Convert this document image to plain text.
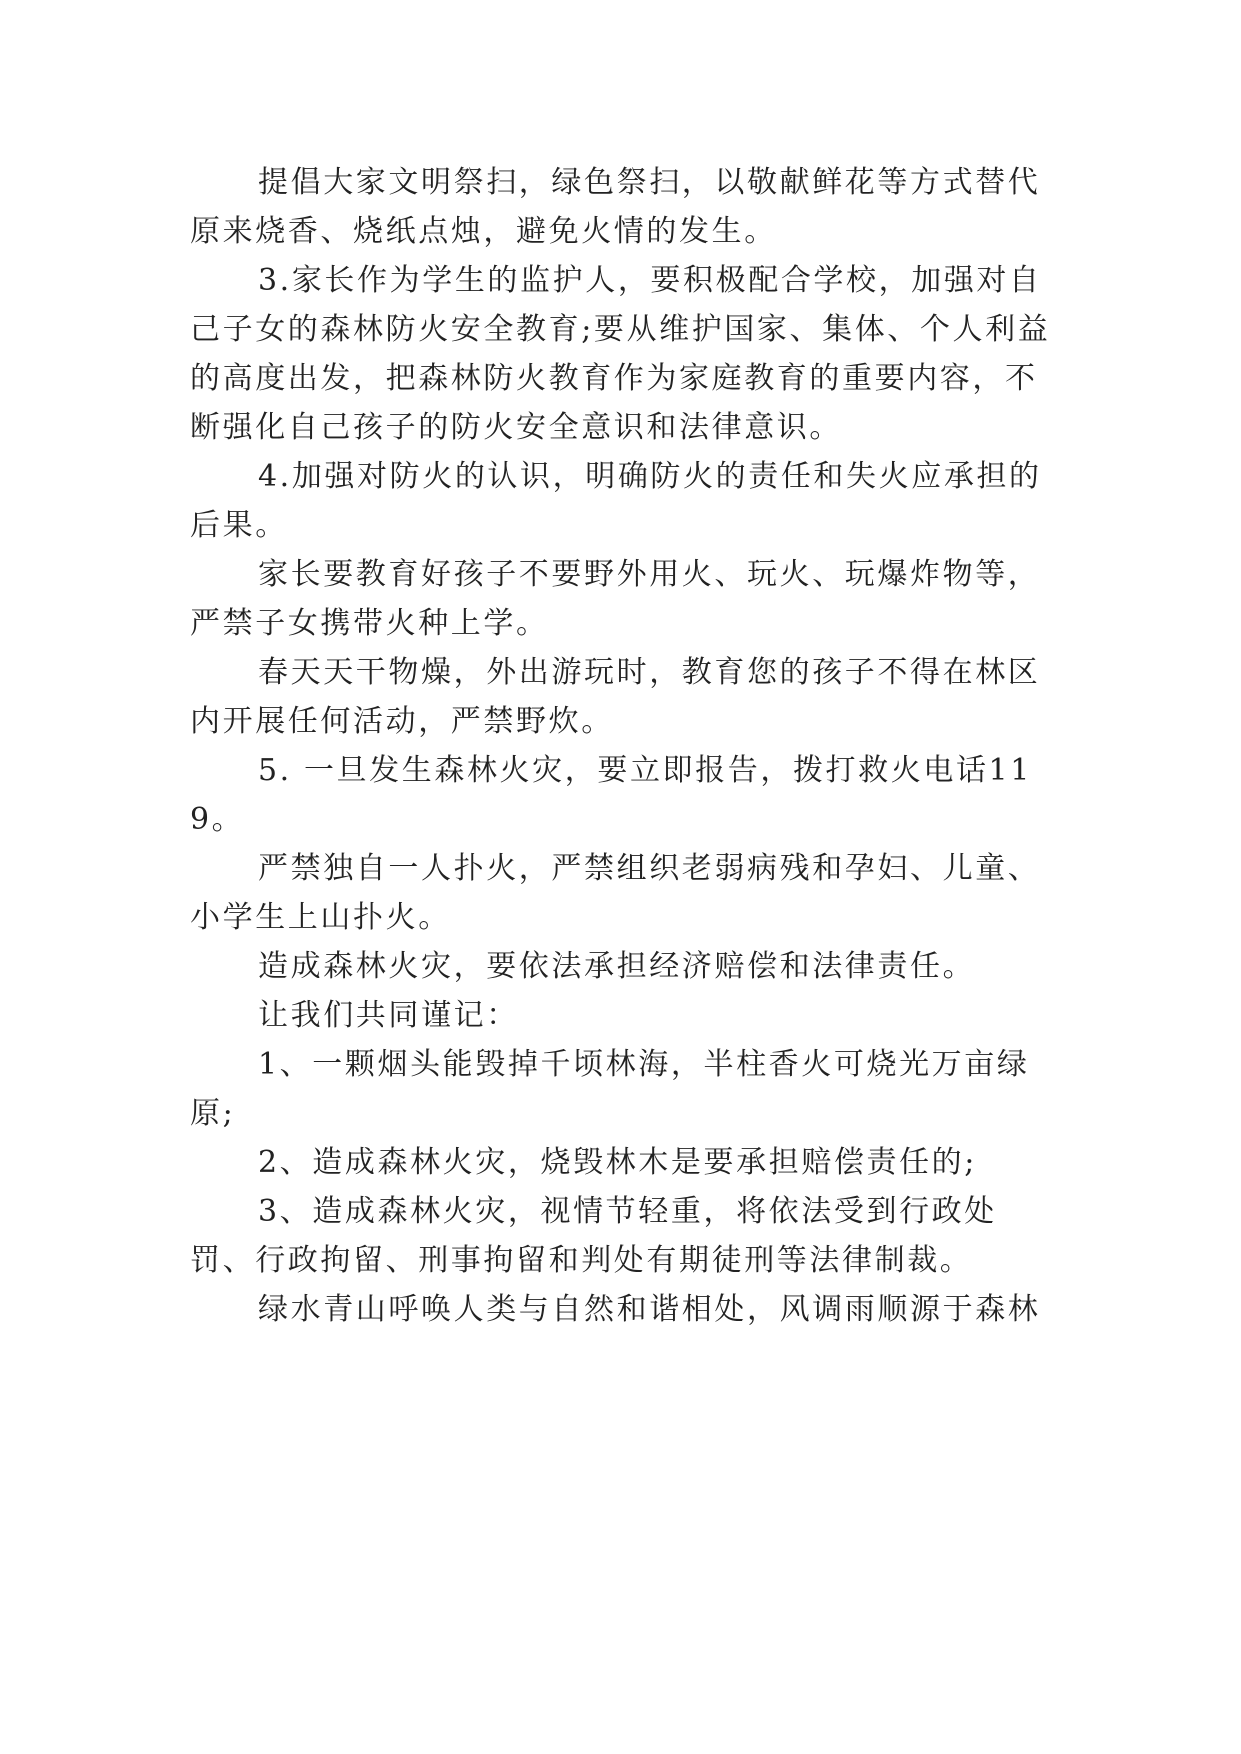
提倡大家文明祭扫，绿色祭扫，以敬献鲜花等方式替代原来烧香、烧纸点烛，避免火情的发生。

3.家长作为学生的监护人，要积极配合学校，加强对自己子女的森林防火安全教育;要从维护国家、集体、个人利益的高度出发，把森林防火教育作为家庭教育的重要内容，不断强化自己孩子的防火安全意识和法律意识。

4.加强对防火的认识，明确防火的责任和失火应承担的后果。

家长要教育好孩子不要野外用火、玩火、玩爆炸物等，严禁子女携带火种上学。

春天天干物燥，外出游玩时，教育您的孩子不得在林区内开展任何活动，严禁野炊。

5. 一旦发生森林火灾，要立即报告，拨打救火电话119。

严禁独自一人扑火，严禁组织老弱病残和孕妇、儿童、小学生上山扑火。

造成森林火灾，要依法承担经济赔偿和法律责任。

让我们共同谨记：

1、一颗烟头能毁掉千顷林海，半柱香火可烧光万亩绿原;

2、造成森林火灾，烧毁林木是要承担赔偿责任的;

3、造成森林火灾，视情节轻重，将依法受到行政处罚、行政拘留、刑事拘留和判处有期徒刑等法律制裁。

绿水青山呼唤人类与自然和谐相处，风调雨顺源于森林
